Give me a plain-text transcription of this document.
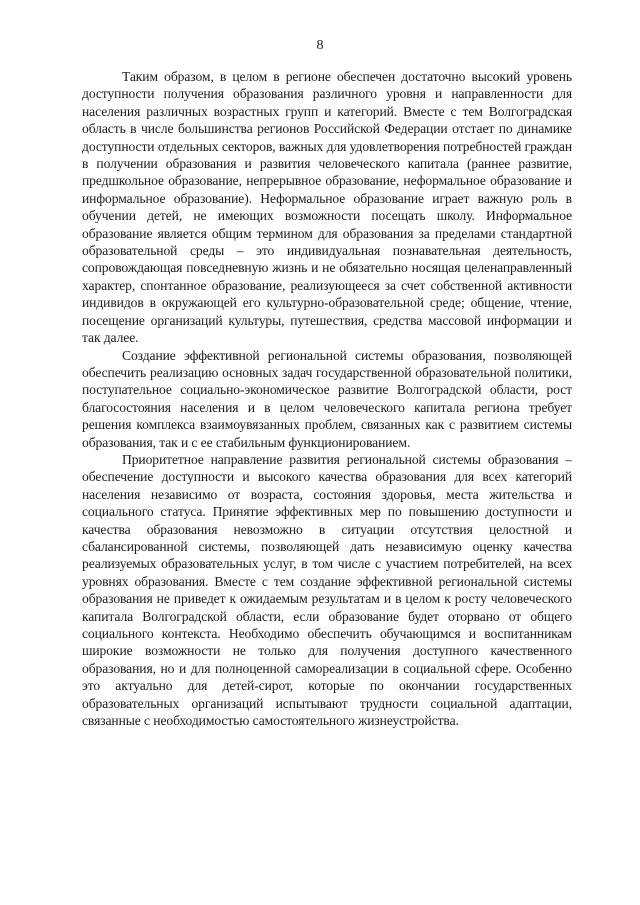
8

Таким образом, в целом в регионе обеспечен достаточно высокий уровень доступности получения образования различного уровня и направленности для населения различных возрастных групп и категорий. Вместе с тем Волгоградская область в числе большинства регионов Российской Федерации отстает по динамике доступности отдельных секторов, важных для удовлетворения потребностей граждан в получении образования и развития человеческого капитала (раннее развитие, предшкольное образование, непрерывное образование, неформальное образование и информальное образование). Неформальное образование играет важную роль в обучении детей, не имеющих возможности посещать школу. Информальное образование является общим термином для образования за пределами стандартной образовательной среды – это индивидуальная познавательная деятельность, сопровождающая повседневную жизнь и не обязательно носящая целенаправленный характер, спонтанное образование, реализующееся за счет собственной активности индивидов в окружающей его культурно-образовательной среде; общение, чтение, посещение организаций культуры, путешествия, средства массовой информации и так далее.

Создание эффективной региональной системы образования, позволяющей обеспечить реализацию основных задач государственной образовательной политики, поступательное социально-экономическое развитие Волгоградской области, рост благосостояния населения и в целом человеческого капитала региона требует решения комплекса взаимоувязанных проблем, связанных как с развитием системы образования, так и с ее стабильным функционированием.

Приоритетное направление развития региональной системы образования – обеспечение доступности и высокого качества образования для всех категорий населения независимо от возраста, состояния здоровья, места жительства и социального статуса. Принятие эффективных мер по повышению доступности и качества образования невозможно в ситуации отсутствия целостной и сбалансированной системы, позволяющей дать независимую оценку качества реализуемых образовательных услуг, в том числе с участием потребителей, на всех уровнях образования. Вместе с тем создание эффективной региональной системы образования не приведет к ожидаемым результатам и в целом к росту человеческого капитала Волгоградской области, если образование будет оторвано от общего социального контекста. Необходимо обеспечить обучающимся и воспитанникам широкие возможности не только для получения доступного качественного образования, но и для полноценной самореализации в социальной сфере. Особенно это актуально для детей-сирот, которые по окончании государственных образовательных организаций испытывают трудности социальной адаптации, связанные с необходимостью самостоятельного жизнеустройства.
